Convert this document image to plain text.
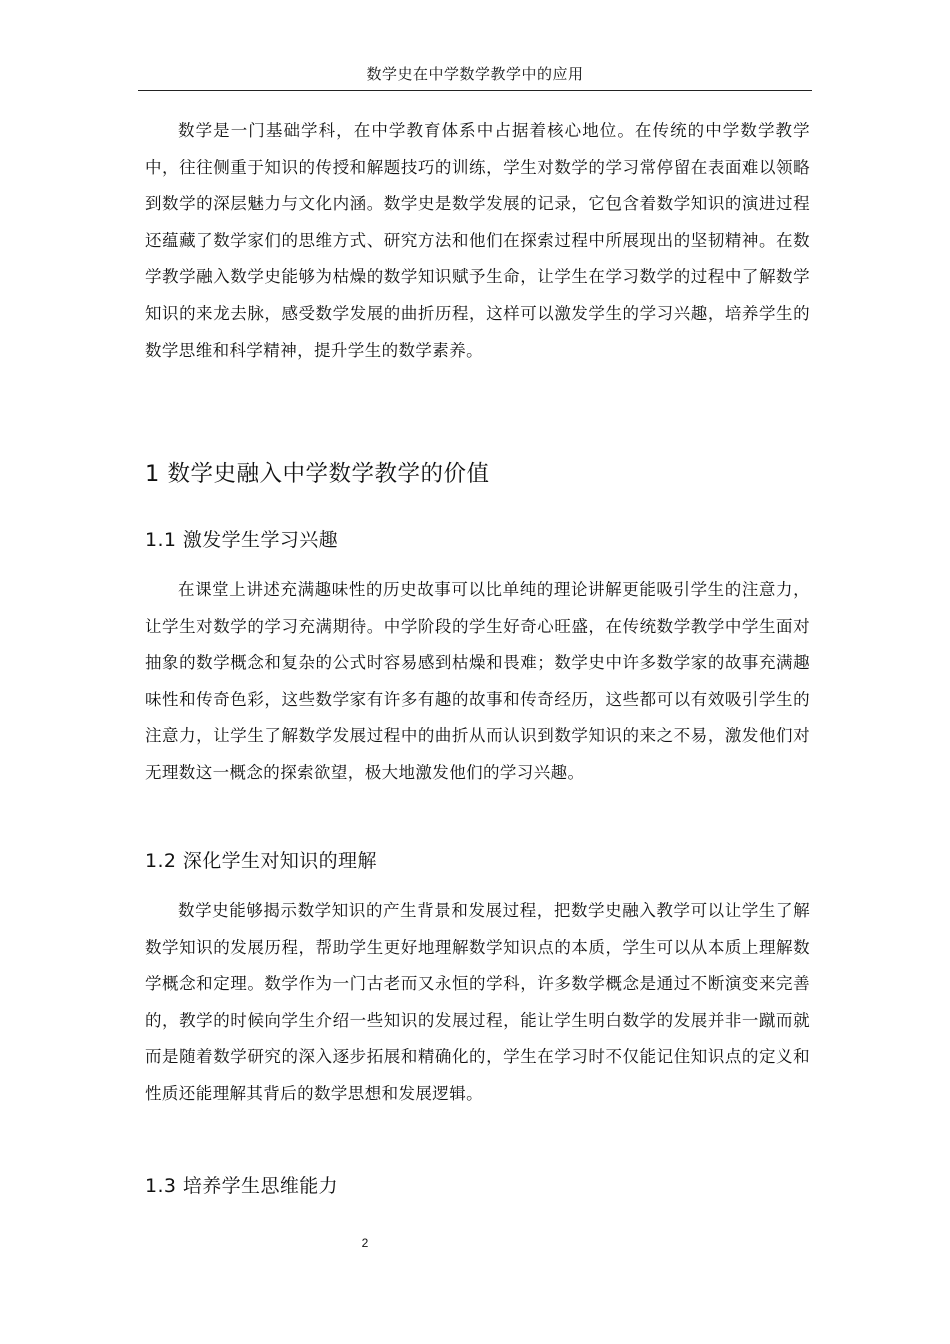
数学史在中学数学教学中的应用

数学是一门基础学科，在中学教育体系中占据着核心地位。在传统的中学数学教学中，往往侧重于知识的传授和解题技巧的训练，学生对数学的学习常停留在表面难以领略到数学的深层魅力与文化内涵。数学史是数学发展的记录，它包含着数学知识的演进过程还蕴藏了数学家们的思维方式、研究方法和他们在探索过程中所展现出的坚韧精神。在数学教学融入数学史能够为枯燥的数学知识赋予生命，让学生在学习数学的过程中了解数学知识的来龙去脉，感受数学发展的曲折历程，这样可以激发学生的学习兴趣，培养学生的数学思维和科学精神，提升学生的数学素养。

1 数学史融入中学数学教学的价值
1.1 激发学生学习兴趣

在课堂上讲述充满趣味性的历史故事可以比单纯的理论讲解更能吸引学生的注意力，让学生对数学的学习充满期待。中学阶段的学生好奇心旺盛，在传统数学教学中学生面对抽象的数学概念和复杂的公式时容易感到枯燥和畏难；数学史中许多数学家的故事充满趣味性和传奇色彩，这些数学家有许多有趣的故事和传奇经历，这些都可以有效吸引学生的注意力，让学生了解数学发展过程中的曲折从而认识到数学知识的来之不易，激发他们对无理数这一概念的探索欲望，极大地激发他们的学习兴趣。

1.2 深化学生对知识的理解

数学史能够揭示数学知识的产生背景和发展过程，把数学史融入教学可以让学生了解数学知识的发展历程，帮助学生更好地理解数学知识点的本质，学生可以从本质上理解数学概念和定理。数学作为一门古老而又永恒的学科，许多数学概念是通过不断演变来完善的，教学的时候向学生介绍一些知识的发展过程，能让学生明白数学的发展并非一蹴而就而是随着数学研究的深入逐步拓展和精确化的，学生在学习时不仅能记住知识点的定义和性质还能理解其背后的数学思想和发展逻辑。

1.3 培养学生思维能力
2
